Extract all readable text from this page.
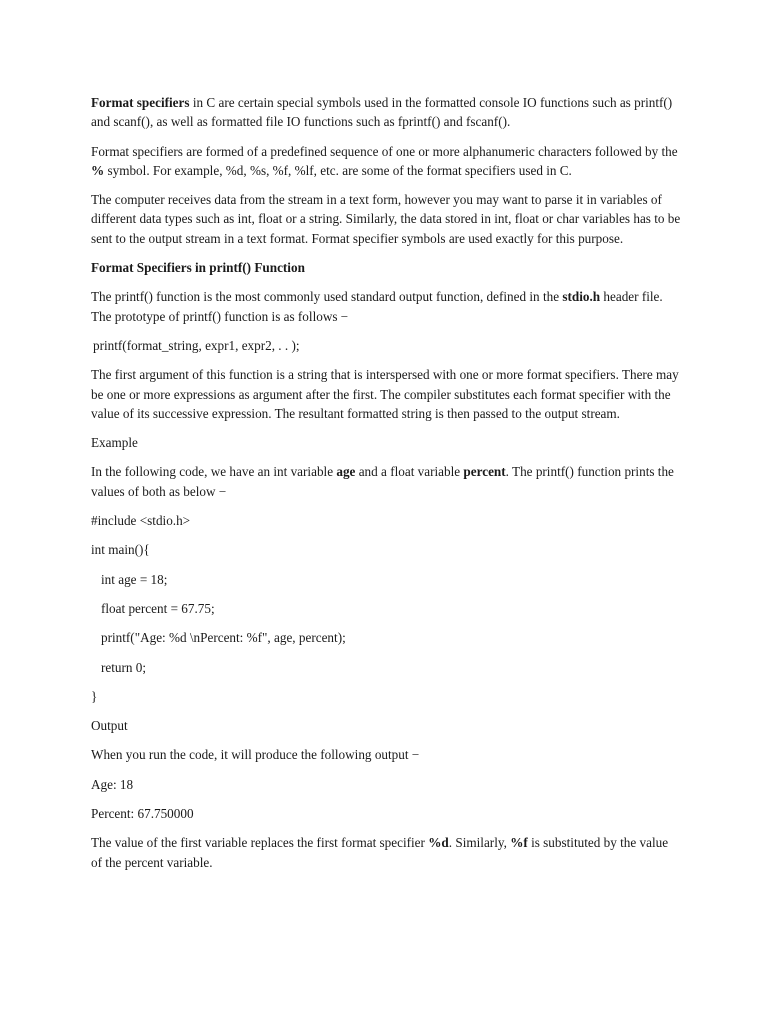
Format specifiers in C are certain special symbols used in the formatted console IO functions such as printf() and scanf(), as well as formatted file IO functions such as fprintf() and fscanf().

Format specifiers are formed of a predefined sequence of one or more alphanumeric characters followed by the % symbol. For example, %d, %s, %f, %lf, etc. are some of the format specifiers used in C.

The computer receives data from the stream in a text form, however you may want to parse it in variables of different data types such as int, float or a string. Similarly, the data stored in int, float or char variables has to be sent to the output stream in a text format. Format specifier symbols are used exactly for this purpose.

Format Specifiers in printf() Function

The printf() function is the most commonly used standard output function, defined in the stdio.h header file. The prototype of printf() function is as follows −

printf(format_string, expr1, expr2, . . );

The first argument of this function is a string that is interspersed with one or more format specifiers. There may be one or more expressions as argument after the first. The compiler substitutes each format specifier with the value of its successive expression. The resultant formatted string is then passed to the output stream.

Example

In the following code, we have an int variable age and a float variable percent. The printf() function prints the values of both as below −

#include <stdio.h>

int main(){

int age = 18;

float percent = 67.75;

printf("Age: %d \nPercent: %f", age, percent);

return 0;

}

Output

When you run the code, it will produce the following output −

Age: 18

Percent: 67.750000

The value of the first variable replaces the first format specifier %d. Similarly, %f is substituted by the value of the percent variable.
